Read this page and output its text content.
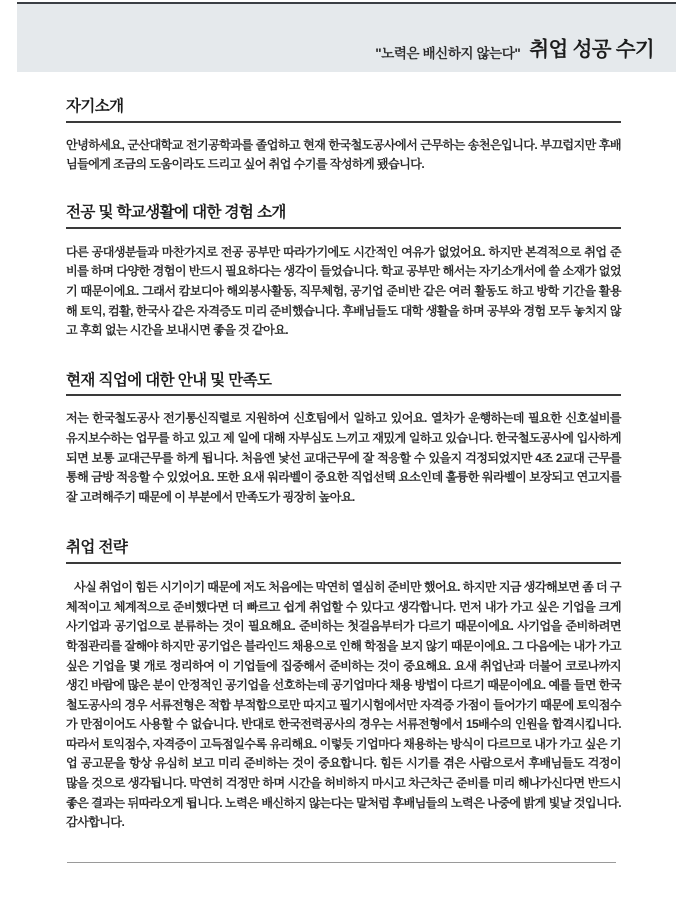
"노력은 배신하지 않는다" 취업 성공 수기
자기소개

안녕하세요, 군산대학교 전기공학과를 졸업하고 현재 한국철도공사에서 근무하는 송천은입니다. 부끄럽지만 후배님들에게 조금의 도움이라도 드리고 싶어 취업 수기를 작성하게 됐습니다.

전공 및 학교생활에 대한 경험 소개

다른 공대생분들과 마찬가지로 전공 공부만 따라가기에도 시간적인 여유가 없었어요. 하지만 본격적으로 취업 준비를 하며 다양한 경험이 반드시 필요하다는 생각이 들었습니다. 학교 공부만 해서는 자기소개서에 쓸 소재가 없었기 때문이에요. 그래서 캄보디아 해외봉사활동, 직무체험, 공기업 준비반 같은 여러 활동도 하고 방학 기간을 활용해 토익, 컴활, 한국사 같은 자격증도 미리 준비했습니다. 후배님들도 대학 생활을 하며 공부와 경험 모두 놓치지 않고 후회 없는 시간을 보내시면 좋을 것 같아요.

현재 직업에 대한 안내 및 만족도

저는 한국철도공사 전기통신직렬로 지원하여 신호팀에서 일하고 있어요. 열차가 운행하는데 필요한 신호설비를 유지보수하는 업무를 하고 있고 제 일에 대해 자부심도 느끼고 재밌게 일하고 있습니다. 한국철도공사에 입사하게 되면 보통 교대근무를 하게 됩니다. 처음엔 낯선 교대근무에 잘 적응할 수 있을지 걱정되었지만 4조 2교대 근무를 통해 금방 적응할 수 있었어요. 또한 요새 워라벨이 중요한 직업선택 요소인데 훌륭한 워라벨이 보장되고 연고지를 잘 고려해주기 때문에 이 부분에서 만족도가 굉장히 높아요.

취업 전략

사실 취업이 힘든 시기이기 때문에 저도 처음에는 막연히 열심히 준비만 했어요. 하지만 지금 생각해보면 좀 더 구체적이고 체계적으로 준비했다면 더 빠르고 쉽게 취업할 수 있다고 생각합니다. 먼저 내가 가고 싶은 기업을 크게 사기업과 공기업으로 분류하는 것이 필요해요. 준비하는 첫걸음부터가 다르기 때문이에요. 사기업을 준비하려면 학점관리를 잘해야 하지만 공기업은 블라인드 채용으로 인해 학점을 보지 않기 때문이에요. 그 다음에는 내가 가고 싶은 기업을 몇 개로 정리하여 이 기업들에 집중해서 준비하는 것이 중요해요. 요새 취업난과 더불어 코로나까지 생긴 바람에 많은 분이 안정적인 공기업을 선호하는데 공기업마다 채용 방법이 다르기 때문이에요. 예를 들면 한국철도공사의 경우 서류전형은 적합 부적합으로만 따지고 필기시험에서만 자격증 가점이 들어가기 때문에 토익점수가 만점이어도 사용할 수 없습니다. 반대로 한국전력공사의 경우는 서류전형에서 15배수의 인원을 합격시킵니다. 따라서 토익점수, 자격증이 고득점일수록 유리해요. 이렇듯 기업마다 채용하는 방식이 다르므로 내가 가고 싶은 기업 공고문을 항상 유심히 보고 미리 준비하는 것이 중요합니다. 힘든 시기를 겪은 사람으로서 후배님들도 걱정이 많을 것으로 생각됩니다. 막연히 걱정만 하며 시간을 허비하지 마시고 차근차근 준비를 미리 해나가신다면 반드시 좋은 결과는 뒤따라오게 됩니다. 노력은 배신하지 않는다는 말처럼 후배님들의 노력은 나중에 밝게 빛날 것입니다. 감사합니다.
